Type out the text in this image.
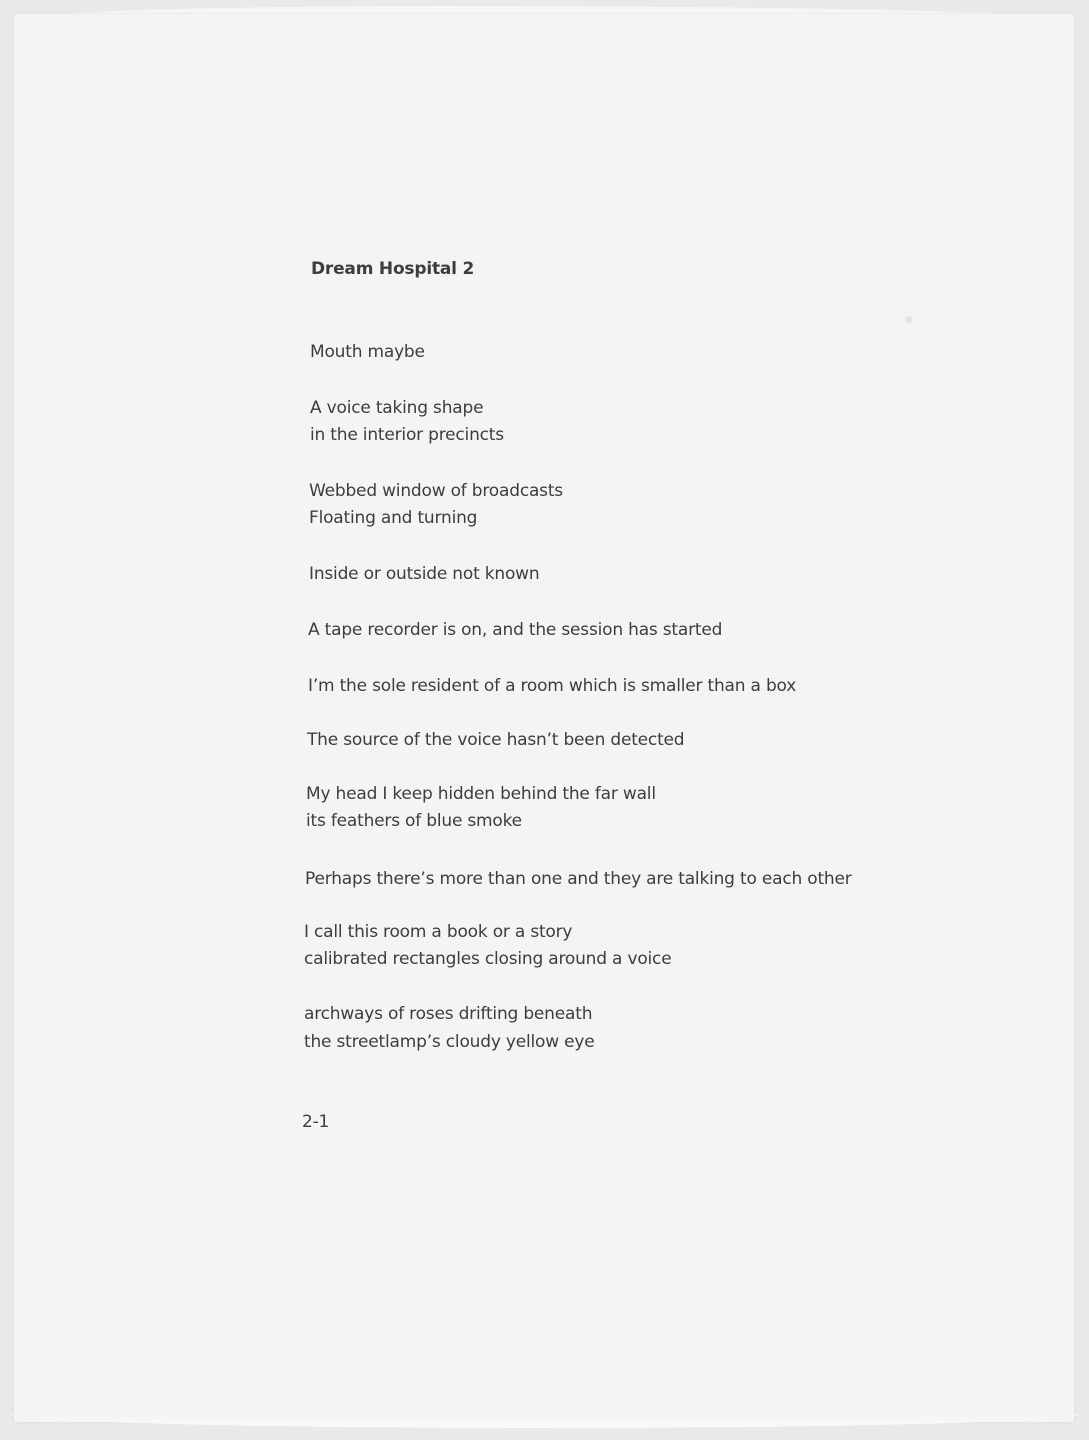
Dream Hospital 2

Mouth maybe

A voice taking shape

in the interior precincts

Webbed window of broadcasts

Floating and turning

Inside or outside not known

A tape recorder is on, and the session has started

I’m the sole resident of a room which is smaller than a box

The source of the voice hasn’t been detected

My head I keep hidden behind the far wall

its feathers of blue smoke

Perhaps there’s more than one and they are talking to each other

I call this room a book or a story

calibrated rectangles closing around a voice

archways of roses drifting beneath

the streetlamp’s cloudy yellow eye

2-1
